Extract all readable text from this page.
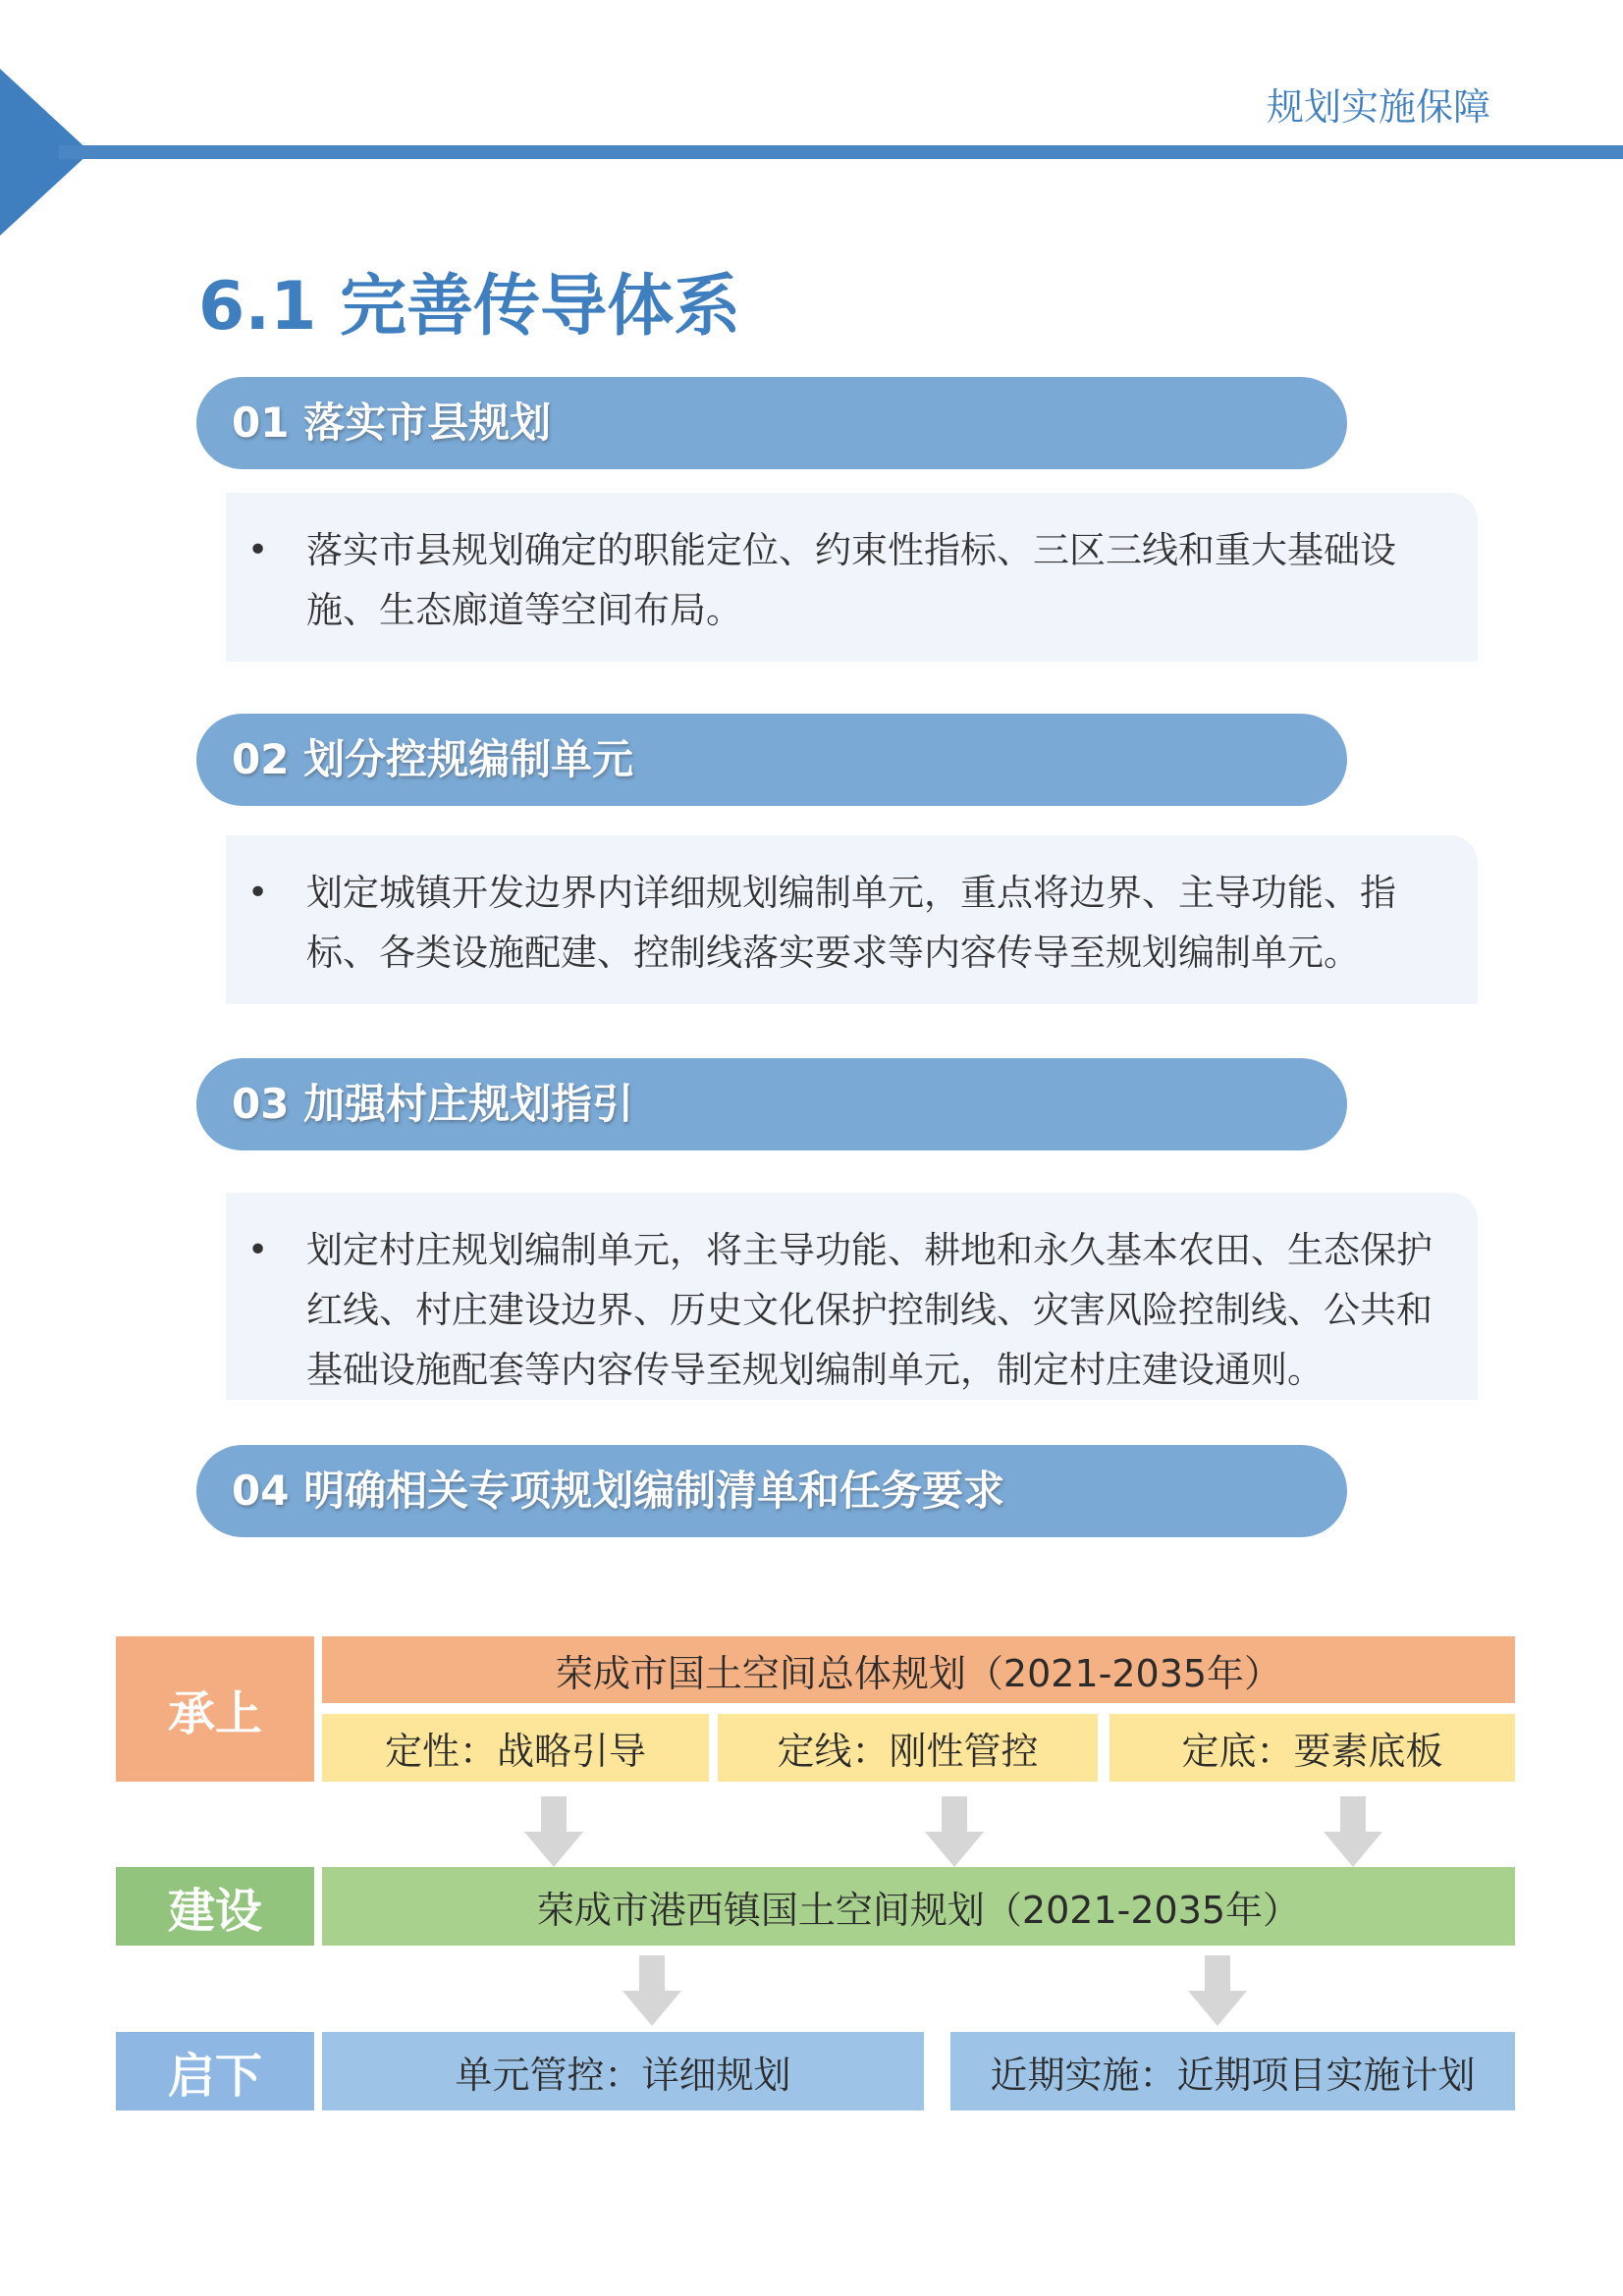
规划实施保障
6.1 完善传导体系
01 落实市县规划
• 落实市县规划确定的职能定位、约束性指标、三区三线和重大基础设施、生态廊道等空间布局。
02 划分控规编制单元
• 划定城镇开发边界内详细规划编制单元，重点将边界、主导功能、指标、各类设施配建、控制线落实要求等内容传导至规划编制单元。
03 加强村庄规划指引
• 划定村庄规划编制单元，将主导功能、耕地和永久基本农田、生态保护红线、村庄建设边界、历史文化保护控制线、灾害风险控制线、公共和基础设施配套等内容传导至规划编制单元，制定村庄建设通则。
04 明确相关专项规划编制清单和任务要求
承上
荣成市国土空间总体规划（2021-2035年）
定性：战略引导	定线：刚性管控	定底：要素底板
建设	荣成市港西镇国土空间规划（2021-2035年）
启下	单元管控：详细规划	近期实施：近期项目实施计划
